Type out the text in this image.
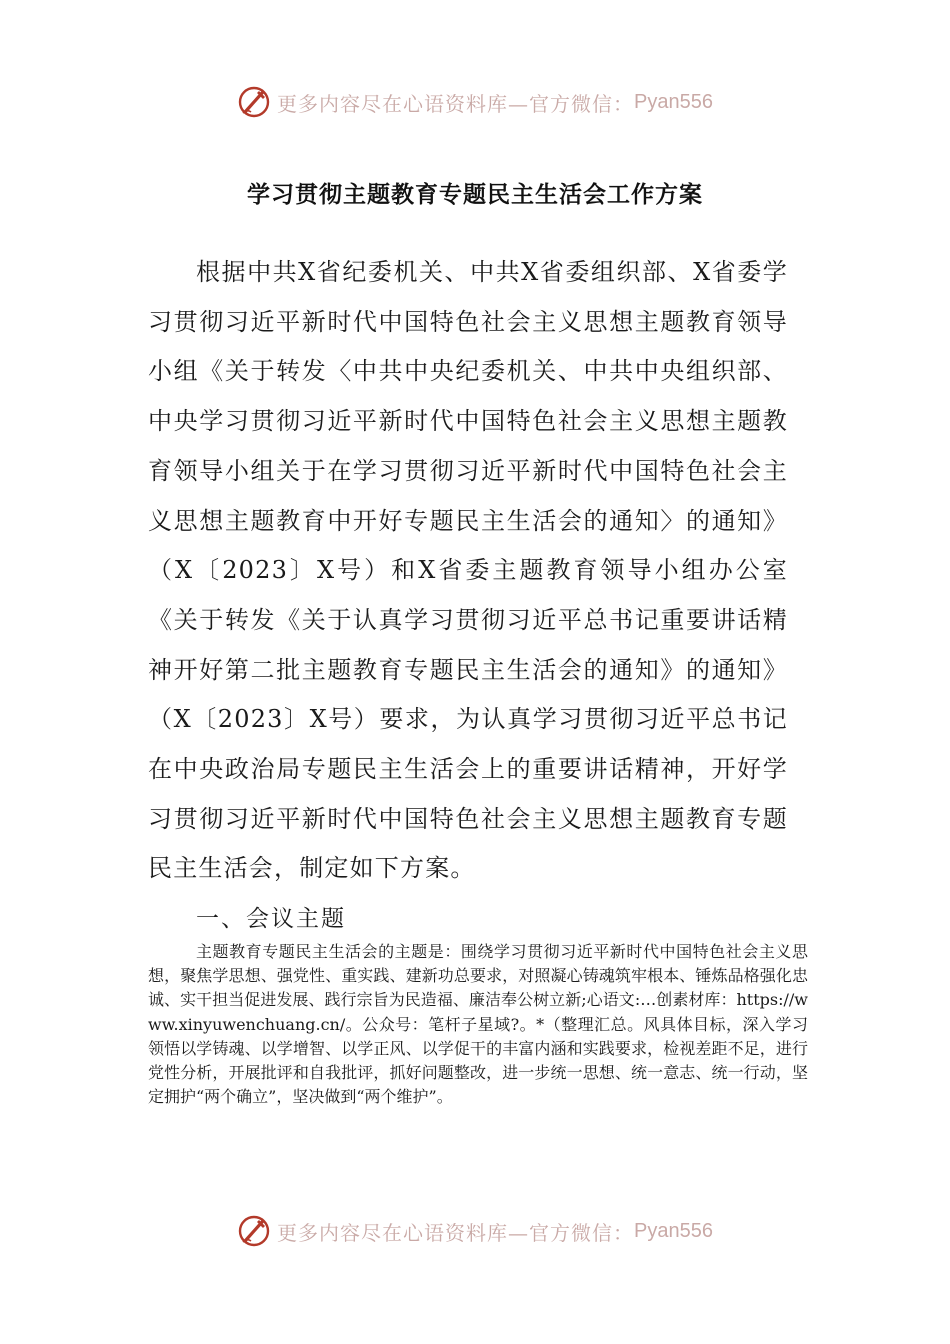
更多内容尽在心语资料库—官方微信： Pyan556
学习贯彻主题教育专题民主生活会工作方案

根据中共X省纪委机关、中共X省委组织部、X省委学习贯彻习近平新时代中国特色社会主义思想主题教育领导小组《关于转发〈中共中央纪委机关、中共中央组织部、中央学习贯彻习近平新时代中国特色社会主义思想主题教育领导小组关于在学习贯彻习近平新时代中国特色社会主义思想主题教育中开好专题民主生活会的通知〉的通知》（X〔2023〕X号）和X省委主题教育领导小组办公室《关于转发《关于认真学习贯彻习近平总书记重要讲话精神开好第二批主题教育专题民主生活会的通知》的通知》（X〔2023〕X号）要求，为认真学习贯彻习近平总书记在中央政治局专题民主生活会上的重要讲话精神，开好学习贯彻习近平新时代中国特色社会主义思想主题教育专题民主生活会，制定如下方案。

一、会议主题

主题教育专题民主生活会的主题是：围绕学习贯彻习近平新时代中国特色社会主义思想，聚焦学思想、强党性、重实践、建新功总要求，对照凝心铸魂筑牢根本、锤炼品格强化忠诚、实干担当促进发展、践行宗旨为民造福、廉洁奉公树立新;心语文:…创素材库：https://www.xinyuwenchuang.cn/。公众号：笔杆子星域?。*（整理汇总。风具体目标，深入学习领悟以学铸魂、以学增智、以学正风、以学促干的丰富内涵和实践要求，检视差距不足，进行党性分析，开展批评和自我批评，抓好问题整改，进一步统一思想、统一意志、统一行动，坚定拥护“两个确立”，坚决做到“两个维护”。

更多内容尽在心语资料库—官方微信： Pyan556
